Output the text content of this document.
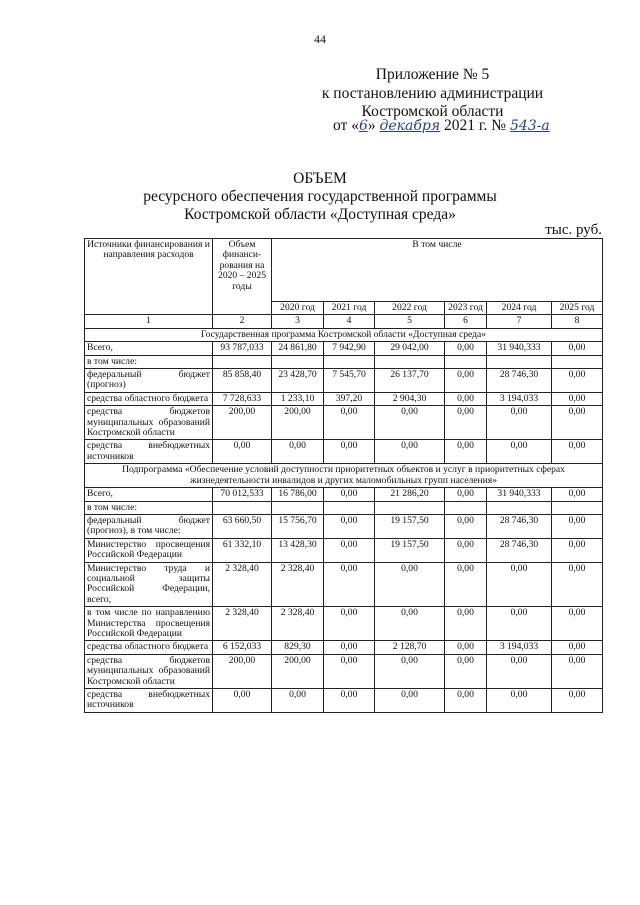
44
Приложение № 5
к постановлению администрации
Костромской области
от «6» декабря 2021 г. № 543-а
ОБЪЕМ
ресурсного обеспечения государственной программы
Костромской области «Доступная среда»
тыс. руб.
Источники финансирования и направления расходов	Объем финанси-рования на 2020 – 2025 годы	В том числе					
		2020 год	2021 год	2022 год	2023 год	2024 год	2025 год
1	2	3	4	5	6	7	8
Государственная программа Костромской области «Доступная среда»							
Всего,	93 787,033	24 861,80	7 942,90	29 042,00	0,00	31 940,333	0,00
в том числе:							
федеральный бюджет (прогноз)	85 858,40	23 428,70	7 545,70	26 137,70	0,00	28 746,30	0,00
средства областного бюджета	7 728,633	1 233,10	397,20	2 904,30	0,00	3 194,033	0,00
средства бюджетов муниципальных образований Костромской области	200,00	200,00	0,00	0,00	0,00	0,00	0,00
средства внебюджетных источников	0,00	0,00	0,00	0,00	0,00	0,00	0,00
Подпрограмма «Обеспечение условий доступности приоритетных объектов и услуг в приоритетных сферах жизнедеятельности инвалидов и других маломобильных групп населения»							
Всего,	70 012,533	16 786,00	0,00	21 286,20	0,00	31 940,333	0,00
в том числе:							
федеральный бюджет (прогноз), в том числе:	63 660,50	15 756,70	0,00	19 157,50	0,00	28 746,30	0,00
Министерство просвещения Российской Федерации	61 332,10	13 428,30	0,00	19 157,50	0,00	28 746,30	0,00
Министерство труда и социальной защиты Российской Федерации, всего,	2 328,40	2 328,40	0,00	0,00	0,00	0,00	0,00
в том числе по направлению Министерства просвещения Российской Федерации	2 328,40	2 328,40	0,00	0,00	0,00	0,00	0,00
средства областного бюджета	6 152,033	829,30	0,00	2 128,70	0,00	3 194,033	0,00
средства бюджетов муниципальных образований Костромской области	200,00	200,00	0,00	0,00	0,00	0,00	0,00
средства внебюджетных источников	0,00	0,00	0,00	0,00	0,00	0,00	0,00
